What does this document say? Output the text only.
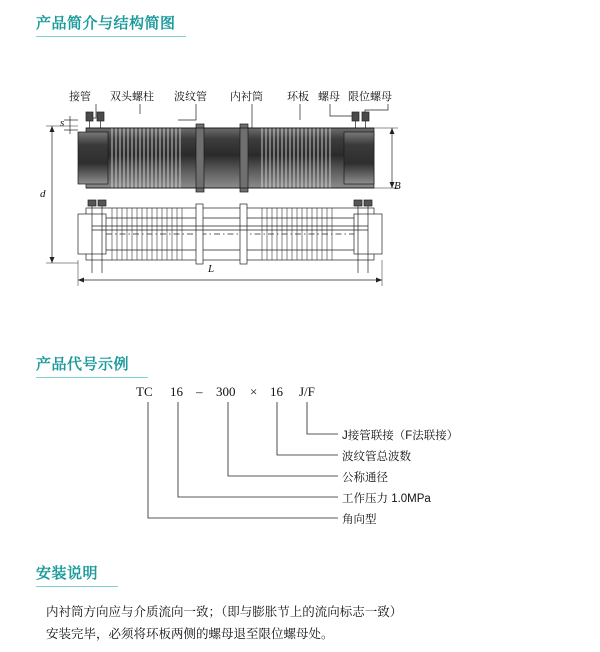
产品简介与结构简图
接管 双头螺柱 波纹管 内衬筒 环板 螺母 限位螺母
s
d
B
L
产品代号示例
TC 16 – 300 × 16 J/F
J接管联接（F法联接）
波纹管总波数
公称通径
工作压力 1.0MPa
角向型
安装说明
内衬筒方向应与介质流向一致；（即与膨胀节上的流向标志一致）
安装完毕，必须将环板两侧的螺母退至限位螺母处。
